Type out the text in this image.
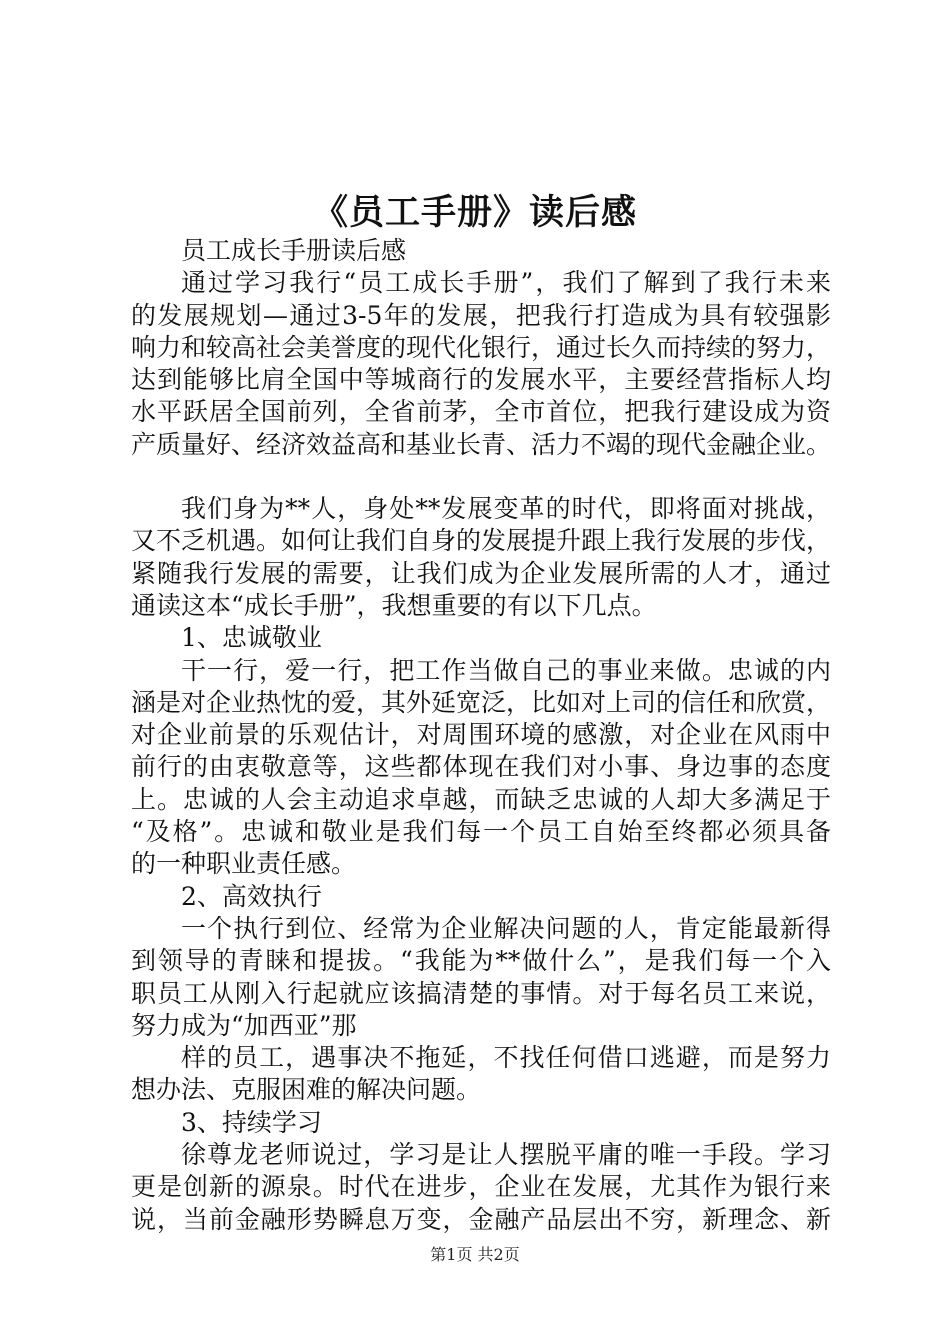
《员工手册》读后感
员工成长手册读后感
通过学习我行“员工成长手册”，我们了解到了我行未来
的发展规划—通过3-5年的发展，把我行打造成为具有较强影
响力和较高社会美誉度的现代化银行，通过长久而持续的努力，
达到能够比肩全国中等城商行的发展水平，主要经营指标人均
水平跃居全国前列，全省前茅，全市首位，把我行建设成为资
产质量好、经济效益高和基业长青、活力不竭的现代金融企业。
我们身为**人，身处**发展变革的时代，即将面对挑战，
又不乏机遇。如何让我们自身的发展提升跟上我行发展的步伐，
紧随我行发展的需要，让我们成为企业发展所需的人才，通过
通读这本“成长手册”，我想重要的有以下几点。
1、忠诚敬业
干一行，爱一行，把工作当做自己的事业来做。忠诚的内
涵是对企业热忱的爱，其外延宽泛，比如对上司的信任和欣赏，
对企业前景的乐观估计，对周围环境的感激，对企业在风雨中
前行的由衷敬意等，这些都体现在我们对小事、身边事的态度
上。忠诚的人会主动追求卓越，而缺乏忠诚的人却大多满足于
“及格”。忠诚和敬业是我们每一个员工自始至终都必须具备
的一种职业责任感。
2、高效执行
一个执行到位、经常为企业解决问题的人，肯定能最新得
到领导的青睐和提拔。“我能为**做什么”，是我们每一个入
职员工从刚入行起就应该搞清楚的事情。对于每名员工来说，
努力成为“加西亚”那
样的员工，遇事决不拖延，不找任何借口逃避，而是努力
想办法、克服困难的解决问题。
3、持续学习
徐尊龙老师说过，学习是让人摆脱平庸的唯一手段。学习
更是创新的源泉。时代在进步，企业在发展，尤其作为银行来
说，当前金融形势瞬息万变，金融产品层出不穷，新理念、新
第1页 共2页
